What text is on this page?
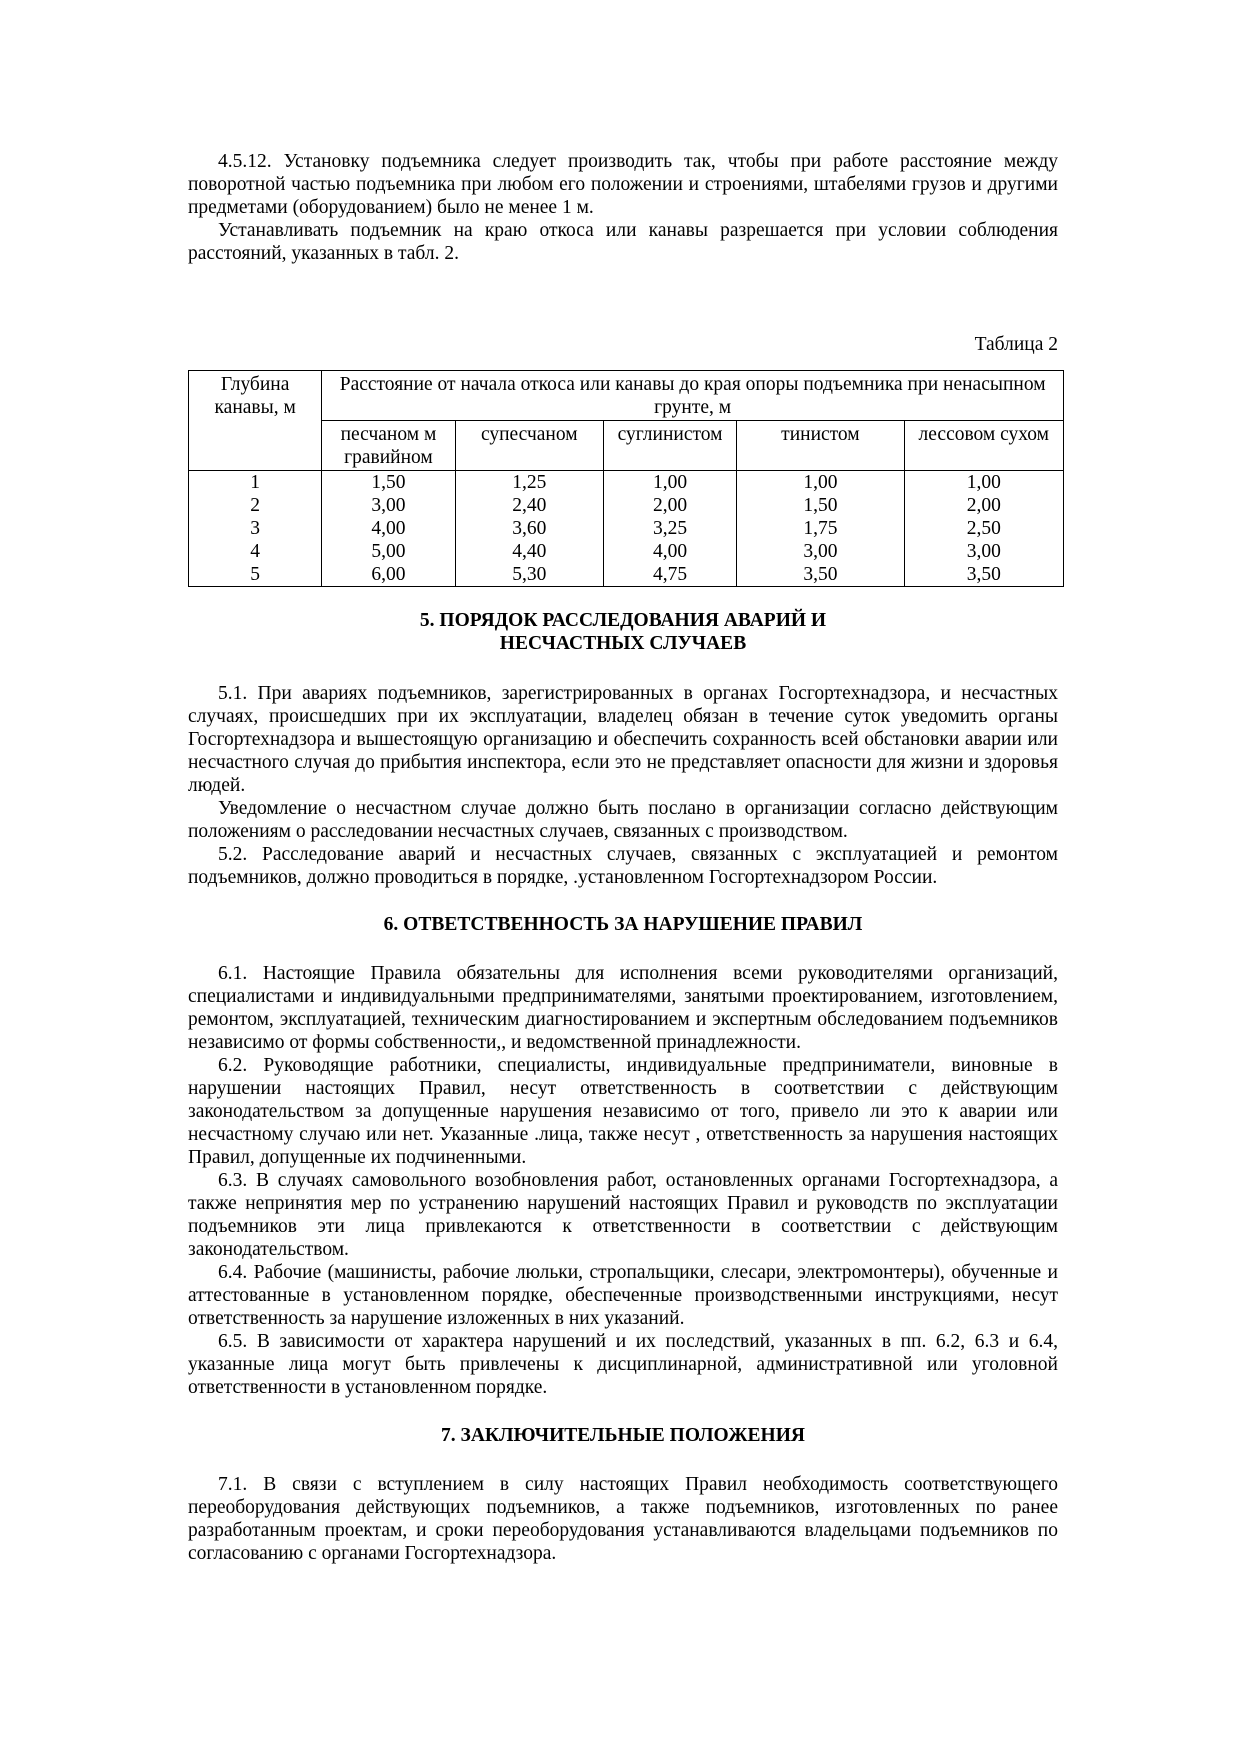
4.5.12. Установку подъемника следует производить так, чтобы при работе расстояние между поворотной частью подъемника при любом его положении и строениями, штабелями грузов и другими предметами (оборудованием) было не менее 1 м.

Устанавливать подъемник на краю откоса или канавы разрешается при условии соблюдения расстояний, указанных в табл. 2.

Таблица 2

Глубина канавы, м	Расстояние от начала откоса или канавы до края опоры подъемника при ненасыпном грунте, м				
	песчаном м гравийном	супесчаном	суглинистом	тинистом	лессовом сухом
1	1,50	1,25	1,00	1,00	1,00
2	3,00	2,40	2,00	1,50	2,00
3	4,00	3,60	3,25	1,75	2,50
4	5,00	4,40	4,00	3,00	3,00
5	6,00	5,30	4,75	3,50	3,50
5. ПОРЯДОК РАССЛЕДОВАНИЯ АВАРИЙ И
НЕСЧАСТНЫХ СЛУЧАЕВ

5.1. При авариях подъемников, зарегистрированных в органах Госгортехнадзора, и несчастных случаях, происшедших при их эксплуатации, владелец обязан в течение суток уведомить органы Госгортехнадзора и вышестоящую организацию и обеспечить сохранность всей обстановки аварии или несчастного случая до прибытия инспектора, если это не представляет опасности для жизни и здоровья людей.

Уведомление о несчастном случае должно быть послано в организации согласно действующим положениям о расследовании несчастных случаев, связанных с производством.

5.2. Расследование аварий и несчастных случаев, связанных с эксплуатацией и ремонтом подъемников, должно проводиться в порядке, .установленном Госгортехнадзором России.

6. ОТВЕТСТВЕННОСТЬ ЗА НАРУШЕНИЕ ПРАВИЛ

6.1. Настоящие Правила обязательны для исполнения всеми руководителями организаций, специалистами и индивидуальными предпринимателями, занятыми проектированием, изготовлением, ремонтом, эксплуатацией, техническим диагностированием и экспертным обследованием подъемников независимо от формы собственности,, и ведомственной принадлежности.

6.2. Руководящие работники, специалисты, индивидуальные предприниматели, виновные в нарушении настоящих Правил, несут ответственность в соответствии с действующим законодательством за допущенные нарушения независимо от того, привело ли это к аварии или несчастному случаю или нет. Указанные .лица, также несут , ответственность за нарушения настоящих Правил, допущенные их подчиненными.

6.3. В случаях самовольного возобновления работ, остановленных органами Госгортехнадзора, а также непринятия мер по устранению нарушений настоящих Правил и руководств по эксплуатации подъемников эти лица привлекаются к ответственности в соответствии с действующим законодательством.

6.4. Рабочие (машинисты, рабочие люльки, стропальщики, слесари, электромонтеры), обученные и аттестованные в установленном порядке, обеспеченные производственными инструкциями, несут ответственность за нарушение изложенных в них указаний.

6.5. В зависимости от характера нарушений и их последствий, указанных в пп. 6.2, 6.3 и 6.4, указанные лица могут быть привлечены к дисциплинарной, административной или уголовной ответственности в установленном порядке.

7. ЗАКЛЮЧИТЕЛЬНЫЕ ПОЛОЖЕНИЯ

7.1. В связи с вступлением в силу настоящих Правил необходимость соответствующего переоборудования действующих подъемников, а также подъемников, изготовленных по ранее разработанным проектам, и сроки переоборудования устанавливаются владельцами подъемников по согласованию с органами Госгортехнадзора.
